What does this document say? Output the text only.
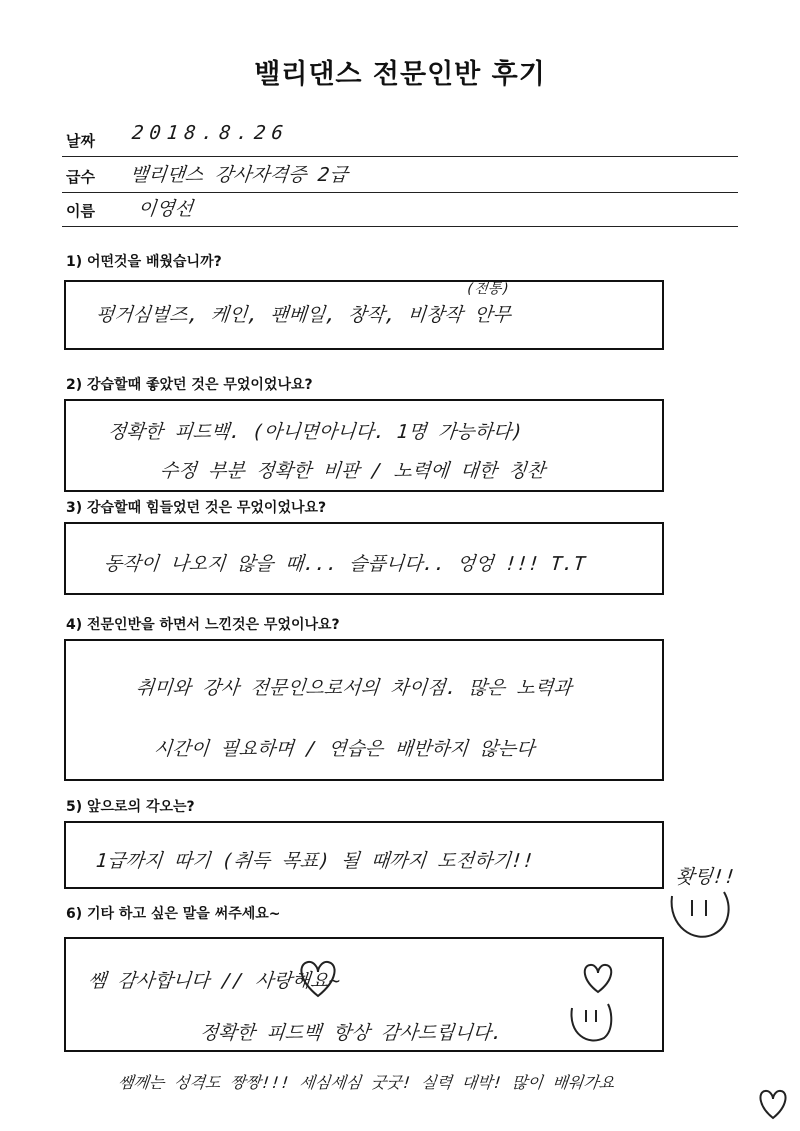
밸리댄스 전문인반 후기
날짜 2018.8.26
급수 밸리댄스 강사자격증 2급
이름 이영선
1) 어떤것을 배웠습니까?
펑거심벌즈, 케인, 팬베일, 창작, 비창작 안무
(전통)
2) 강습할때 좋았던 것은 무었이었나요?
정확한 피드백. (아니면아니다. 1명 가능하다)
수정 부분 정확한 비판 / 노력에 대한 칭찬
3) 강습할때 힘들었던 것은 무었이었나요?
동작이 나오지 않을 때... 슬픕니다.. 엉엉 !!! T.T
4) 전문인반을 하면서 느낀것은 무었이나요?
취미와 강사 전문인으로서의 차이점. 많은 노력과
시간이 필요하며 / 연습은 배반하지 않는다
5) 앞으로의 각오는?
1급까지 따기 (취득 목표) 될 때까지 도전하기!!
홧팅!!
6) 기타 하고 싶은 말을 써주세요~
쌤 감사합니다 // 사랑해요~
정확한 피드백 항상 감사드립니다.
쌤께는 성격도 짱짱!!! 세심세심 굿굿! 실력 대박! 많이 배워가요
